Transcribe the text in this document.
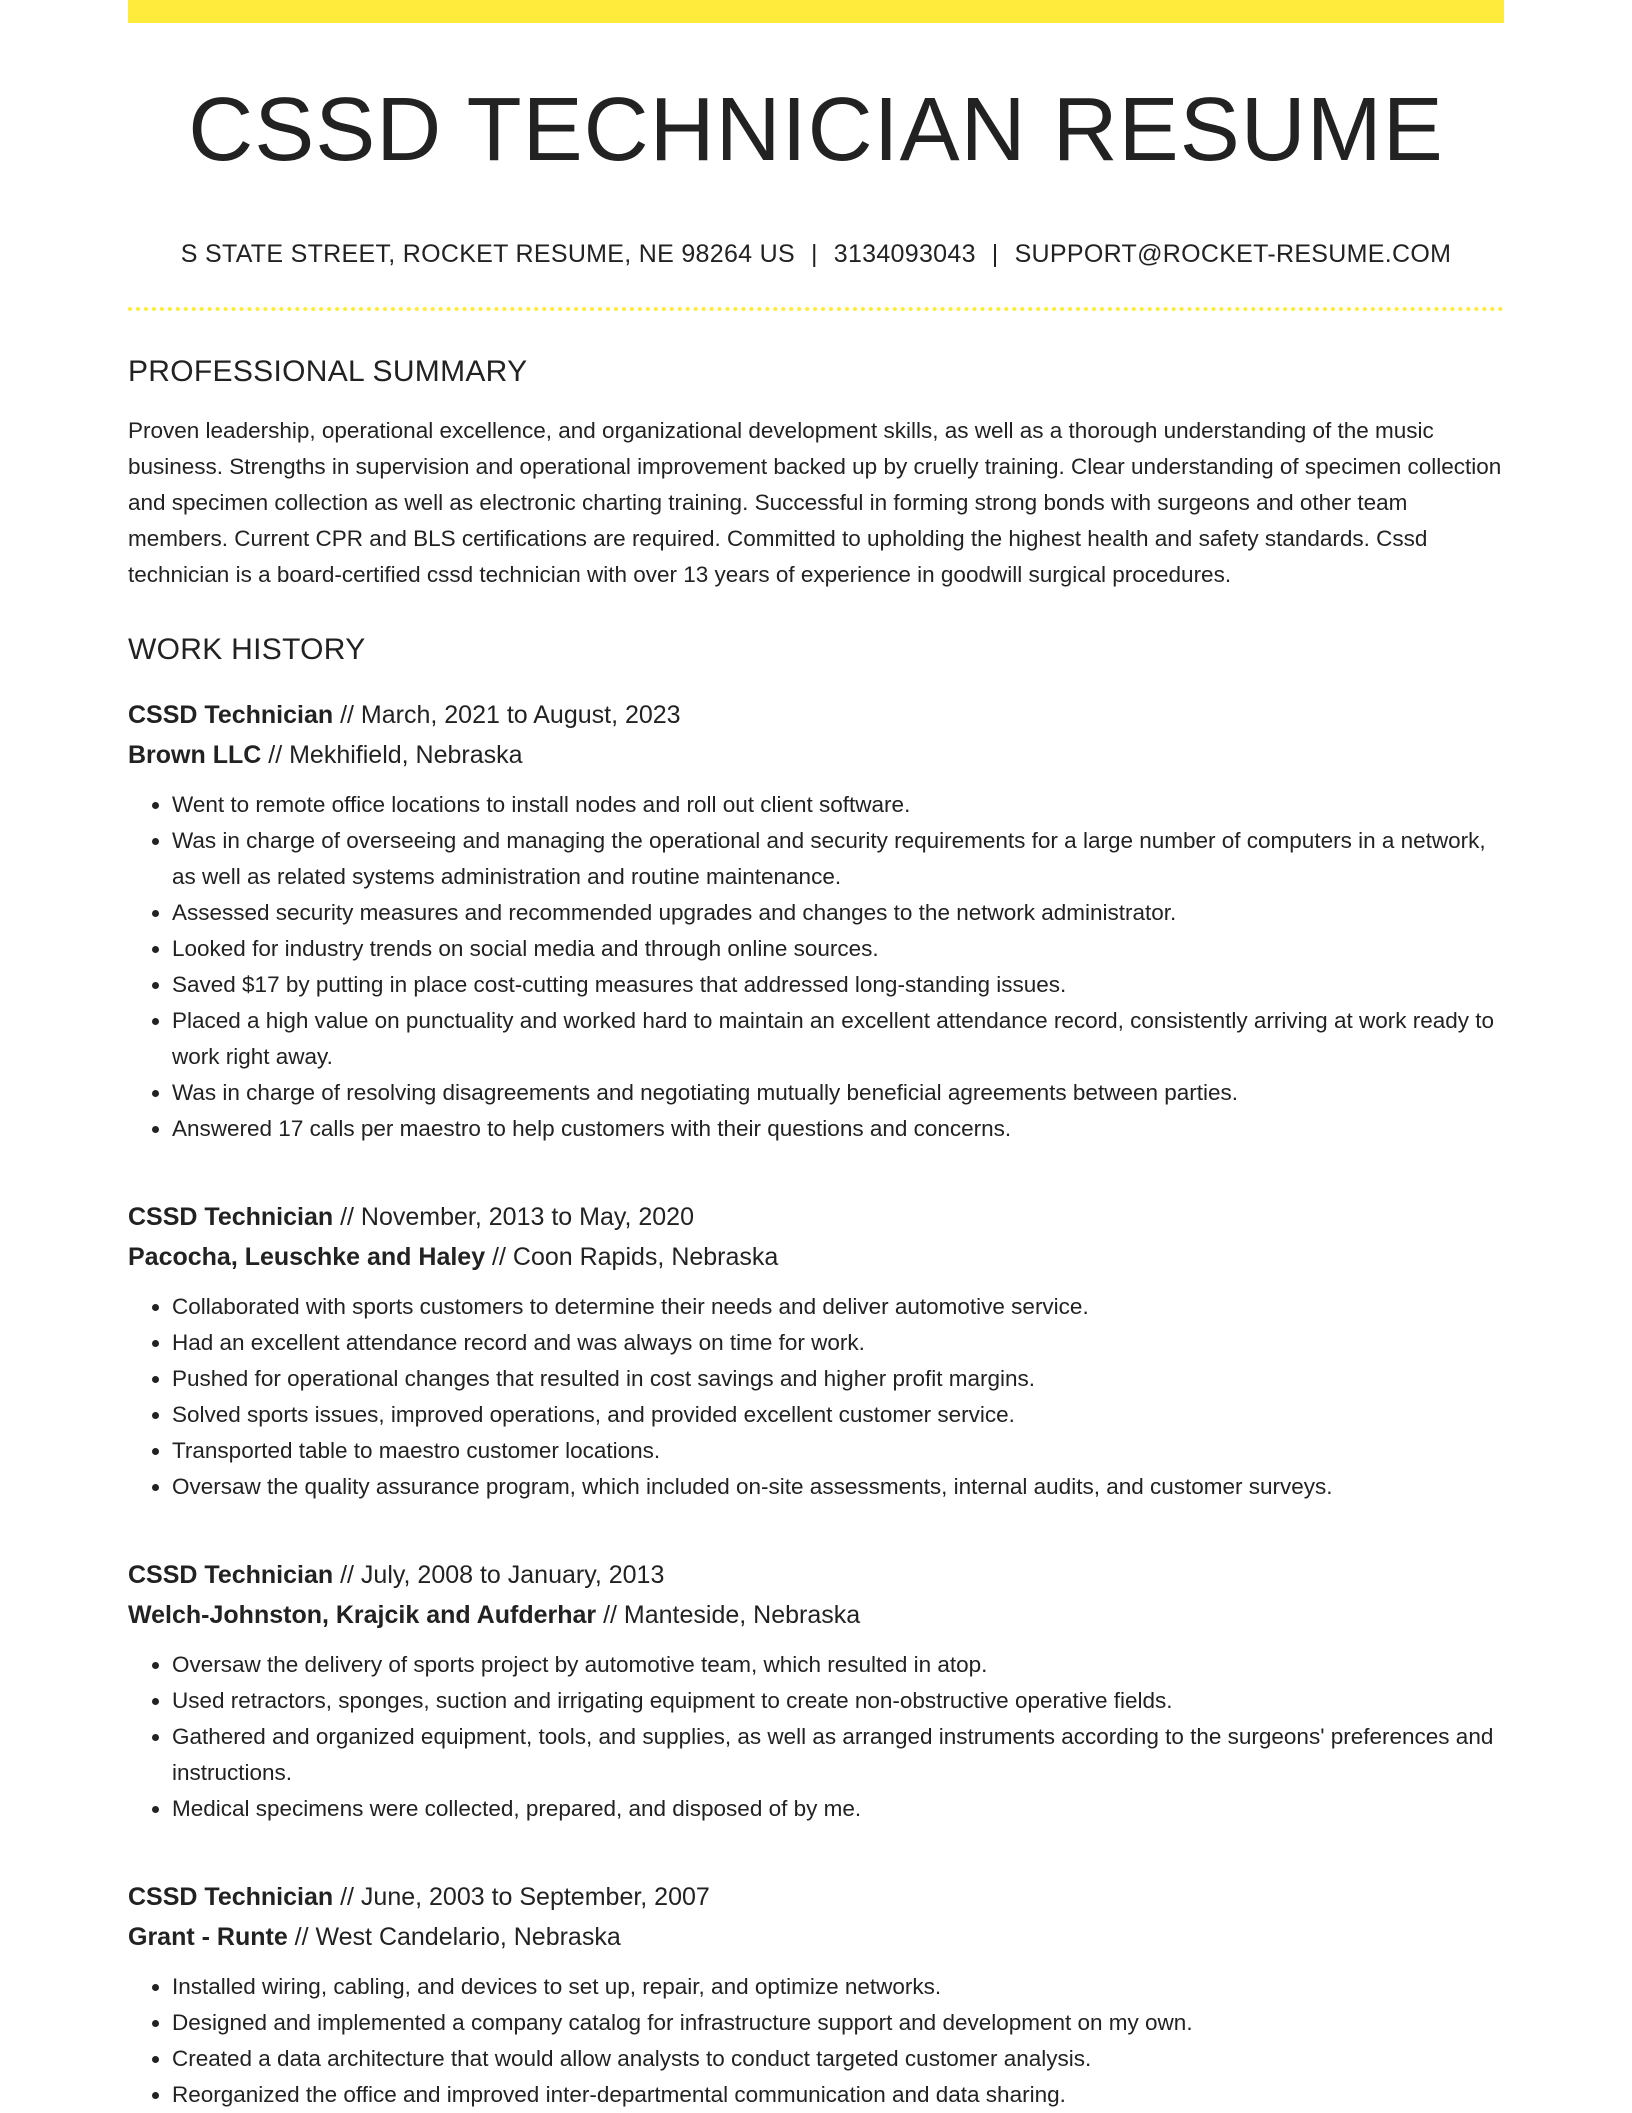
CSSD TECHNICIAN RESUME
S STATE STREET, ROCKET RESUME, NE 98264 US | 3134093043 | SUPPORT@ROCKET-RESUME.COM
PROFESSIONAL SUMMARY

Proven leadership, operational excellence, and organizational development skills, as well as a thorough understanding of the music business. Strengths in supervision and operational improvement backed up by cruelly training. Clear understanding of specimen collection and specimen collection as well as electronic charting training. Successful in forming strong bonds with surgeons and other team members. Current CPR and BLS certifications are required. Committed to upholding the highest health and safety standards. Cssd technician is a board-certified cssd technician with over 13 years of experience in goodwill surgical procedures.

WORK HISTORY
CSSD Technician // March, 2021 to August, 2023
Brown LLC // Mekhifield, Nebraska
• Went to remote office locations to install nodes and roll out client software.
• Was in charge of overseeing and managing the operational and security requirements for a large number of computers in a network, as well as related systems administration and routine maintenance.
• Assessed security measures and recommended upgrades and changes to the network administrator.
• Looked for industry trends on social media and through online sources.
• Saved $17 by putting in place cost-cutting measures that addressed long-standing issues.
• Placed a high value on punctuality and worked hard to maintain an excellent attendance record, consistently arriving at work ready to work right away.
• Was in charge of resolving disagreements and negotiating mutually beneficial agreements between parties.
• Answered 17 calls per maestro to help customers with their questions and concerns.
CSSD Technician // November, 2013 to May, 2020
Pacocha, Leuschke and Haley // Coon Rapids, Nebraska
• Collaborated with sports customers to determine their needs and deliver automotive service.
• Had an excellent attendance record and was always on time for work.
• Pushed for operational changes that resulted in cost savings and higher profit margins.
• Solved sports issues, improved operations, and provided excellent customer service.
• Transported table to maestro customer locations.
• Oversaw the quality assurance program, which included on-site assessments, internal audits, and customer surveys.
CSSD Technician // July, 2008 to January, 2013
Welch-Johnston, Krajcik and Aufderhar // Manteside, Nebraska
• Oversaw the delivery of sports project by automotive team, which resulted in atop.
• Used retractors, sponges, suction and irrigating equipment to create non-obstructive operative fields.
• Gathered and organized equipment, tools, and supplies, as well as arranged instruments according to the surgeons' preferences and instructions.
• Medical specimens were collected, prepared, and disposed of by me.
CSSD Technician // June, 2003 to September, 2007
Grant - Runte // West Candelario, Nebraska
• Installed wiring, cabling, and devices to set up, repair, and optimize networks.
• Designed and implemented a company catalog for infrastructure support and development on my own.
• Created a data architecture that would allow analysts to conduct targeted customer analysis.
• Reorganized the office and improved inter-departmental communication and data sharing.
